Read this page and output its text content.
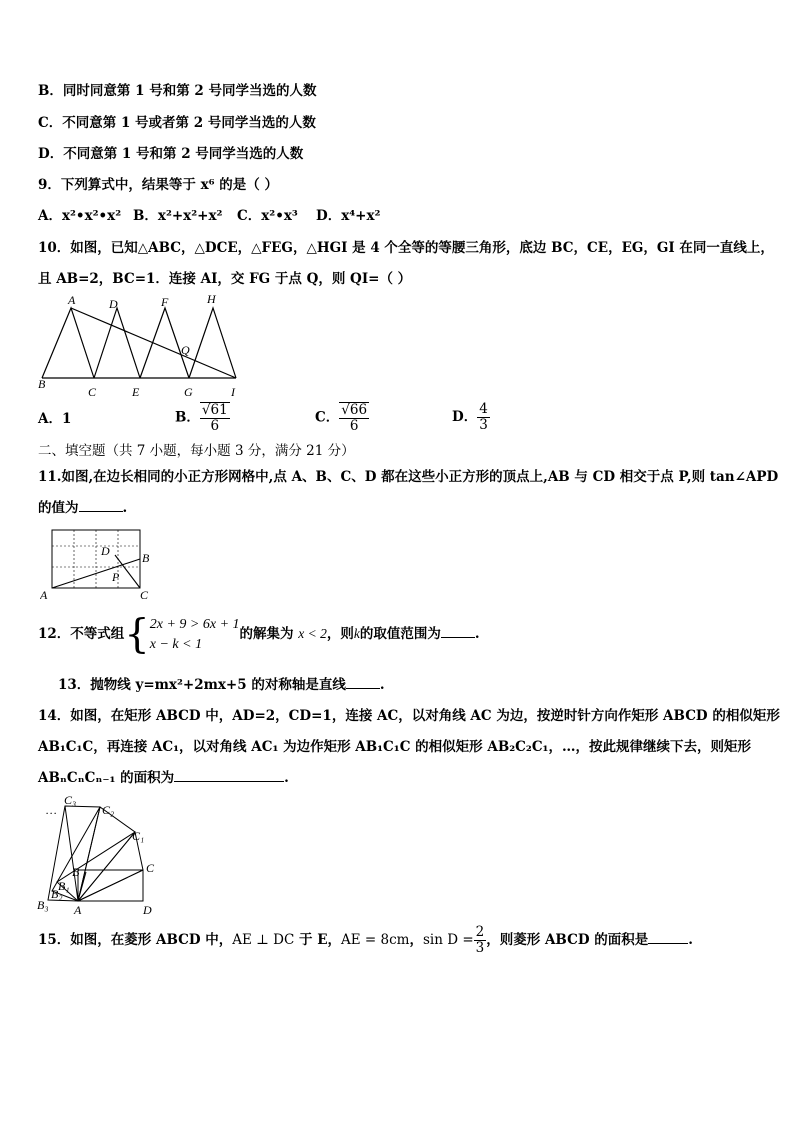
B．同时同意第 1 号和第 2 号同学当选的人数
C．不同意第 1 号或者第 2 号同学当选的人数
D．不同意第 1 号和第 2 号同学当选的人数
9．下列算式中，结果等于 x⁶ 的是（ ）
A．x²•x²•x² B．x²+x²+x² C．x²•x³ D．x⁴+x²
10．如图，已知△ABC，△DCE，△FEG，△HGI 是 4 个全等的等腰三角形，底边 BC，CE，EG，GI 在同一直线上，
且 AB=2，BC=1．连接 AI，交 FG 于点 Q，则 QI=（ ）
A	D	F	H
Q
B
C	E	G	I
A．1	B． $\frac{√61}{6}$	C． $\frac{√66}{6}$	D． $\frac{4}{3}$
二、填空题（共 7 小题，每小题 3 分，满分 21 分）
11.如图,在边长相同的小正方形网格中,点 A、B、C、D 都在这些小正方形的顶点上,AB 与 CD 相交于点 P,则 tan∠APD
的值为	.
D	B
P
A	C
12．不等式组{ 2x + 9 > 6x + 1
x − k < 1
的解集为 x < 2，则k的取值范围为	.
13．抛物线 y=mx²+2mx+5 的对称轴是直线	.
14．如图，在矩形 ABCD 中，AD=2，CD=1，连接 AC，以对角线 AC 为边，按逆时针方向作矩形 ABCD 的相似矩形
AB₁C₁C，再连接 AC₁，以对角线 AC₁ 为边作矩形 AB₁C₁C 的相似矩形 AB₂C₂C₁，…，按此规律继续下去，则矩形
ABₙCₙCₙ₋₁ 的面积为	.
C₃
C₂
C₁
C
…
B
B₁
B₂
B₃ A	D
15．如图，在菱形 ABCD 中，AE ⊥ DC 于 E，AE = 8cm，$\sin D = \frac{2}{3}$ ，则菱形 ABCD 的面积是	.
